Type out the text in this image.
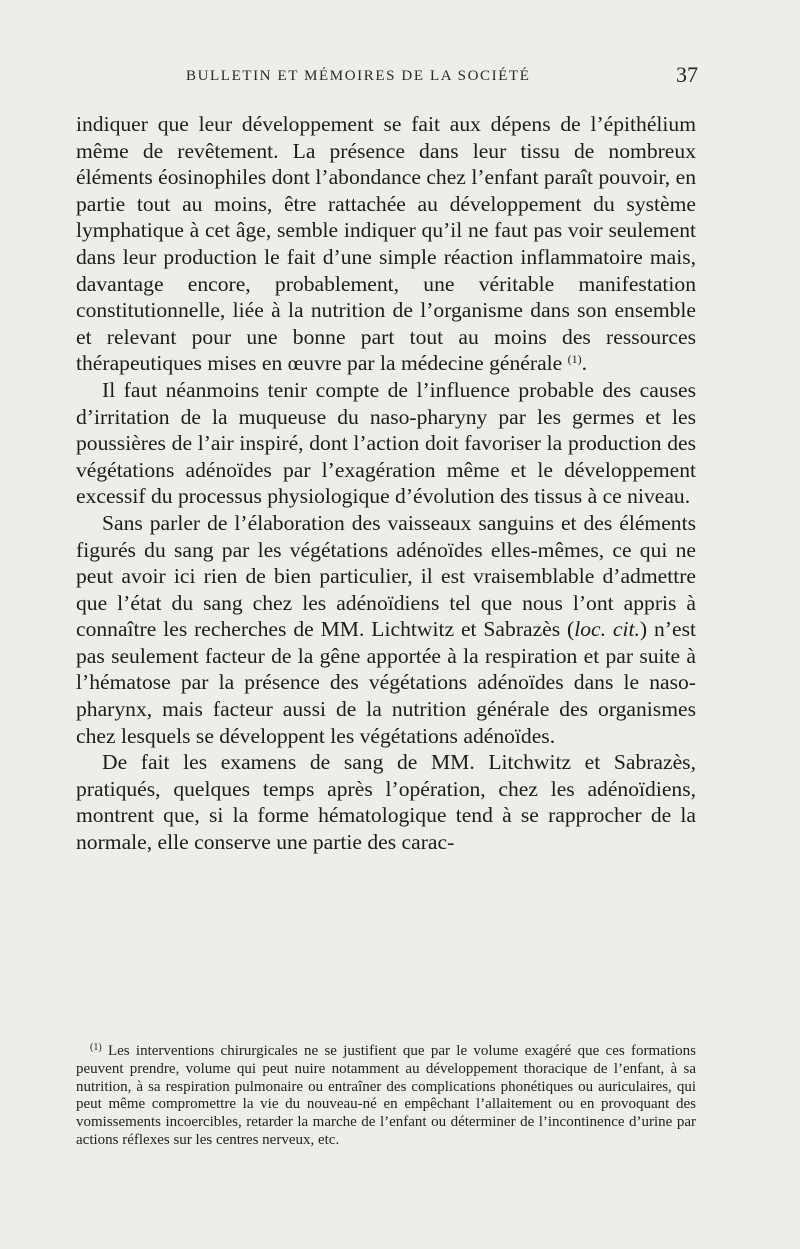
BULLETIN ET MÉMOIRES DE LA SOCIÉTÉ	37

indiquer que leur développement se fait aux dépens de l’épithélium même de revêtement. La présence dans leur tissu de nombreux éléments éosinophiles dont l’abondance chez l’enfant paraît pouvoir, en partie tout au moins, être rattachée au développement du système lymphatique à cet âge, semble indiquer qu’il ne faut pas voir seulement dans leur production le fait d’une simple réaction inflammatoire mais, davantage encore, probablement, une véritable manifestation constitutionnelle, liée à la nutrition de l’organisme dans son ensemble et relevant pour une bonne part tout au moins des ressources thérapeutiques mises en œuvre par la médecine générale $^{(1)}$.

Il faut néanmoins tenir compte de l’influence probable des causes d’irritation de la muqueuse du naso-pharyny par les germes et les poussières de l’air inspiré, dont l’action doit favoriser la production des végétations adénoïdes par l’exagération même et le développement excessif du processus physiologique d’évolution des tissus à ce niveau.

Sans parler de l’élaboration des vaisseaux sanguins et des éléments figurés du sang par les végétations adénoïdes elles-mêmes, ce qui ne peut avoir ici rien de bien particulier, il est vraisemblable d’admettre que l’état du sang chez les adénoïdiens tel que nous l’ont appris à connaître les recherches de MM. Lichtwitz et Sabrazès (loc. cit.) n’est pas seulement facteur de la gêne apportée à la respiration et par suite à l’hématose par la présence des végétations adénoïdes dans le naso-pharynx, mais facteur aussi de la nutrition générale des organismes chez lesquels se développent les végétations adénoïdes.

De fait les examens de sang de MM. Litchwitz et Sabrazès, pratiqués, quelques temps après l’opération, chez les adénoïdiens, montrent que, si la forme hématologique tend à se rapprocher de la normale, elle conserve une partie des carac-

$^{(1)}$ Les interventions chirurgicales ne se justifient que par le volume exagéré que ces formations peuvent prendre, volume qui peut nuire notamment au développement thoracique de l’enfant, à sa nutrition, à sa respiration pulmonaire ou entraîner des complications phonétiques ou auriculaires, qui peut même compromettre la vie du nouveau-né en empêchant l’allaitement ou en provoquant des vomissements incoercibles, retarder la marche de l’enfant ou déterminer de l’incontinence d’urine par actions réflexes sur les centres nerveux, etc.
